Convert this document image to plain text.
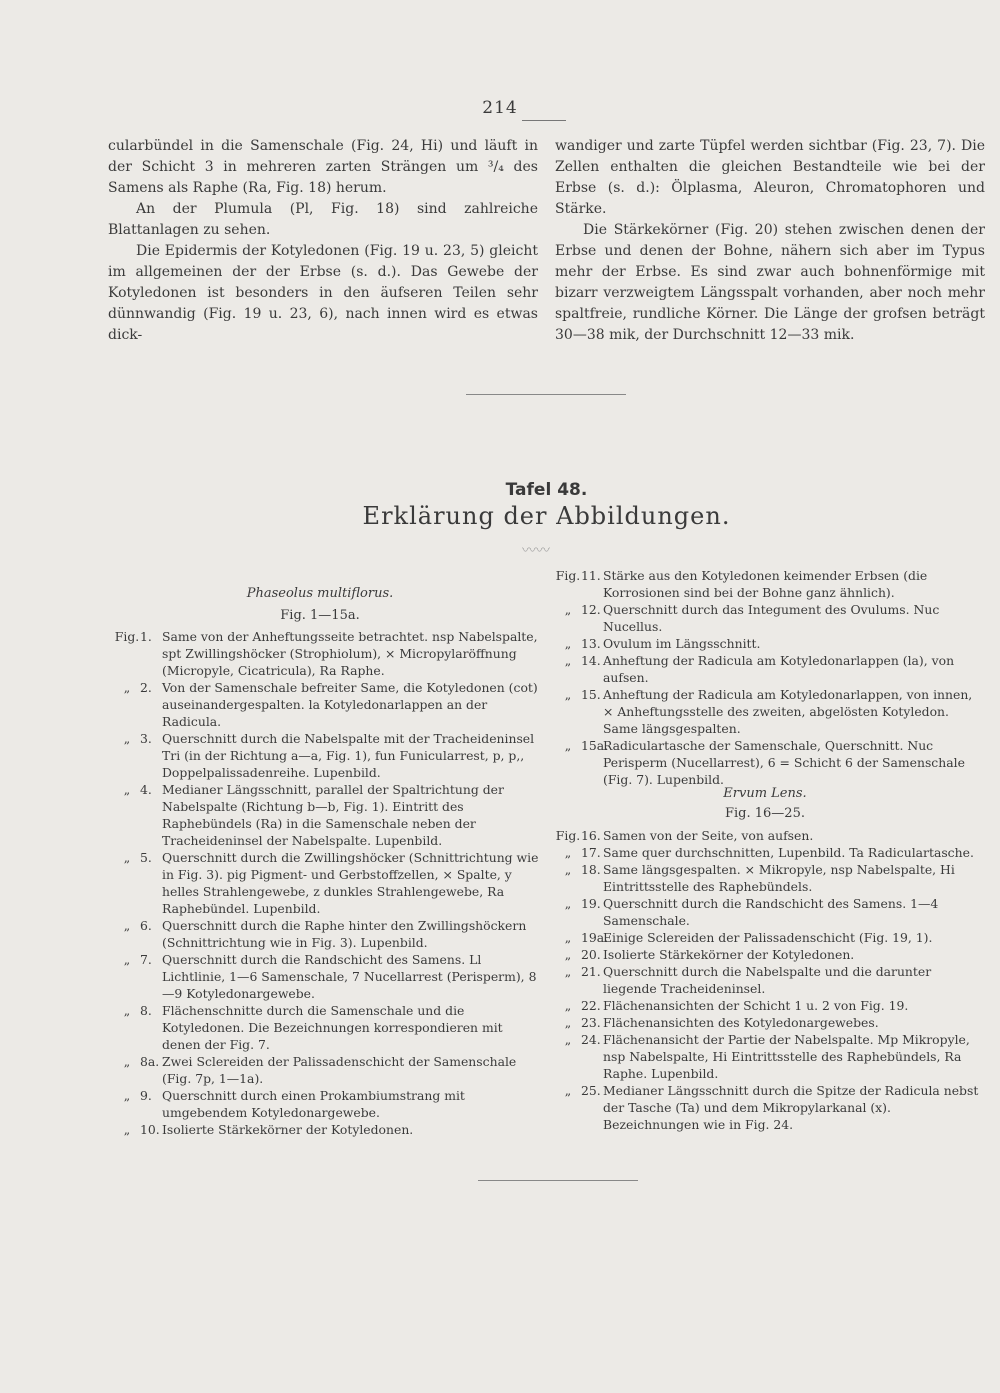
214

cularbündel in die Samenschale (Fig. 24, Hi) und läuft in der Schicht 3 in mehreren zarten Strängen um ³/₄ des Samens als Raphe (Ra, Fig. 18) herum.

An der Plumula (Pl, Fig. 18) sind zahlreiche Blattanlagen zu sehen.

Die Epidermis der Kotyledonen (Fig. 19 u. 23, 5) gleicht im allgemeinen der der Erbse (s. d.). Das Gewebe der Kotyledonen ist besonders in den äufseren Teilen sehr dünnwandig (Fig. 19 u. 23, 6), nach innen wird es etwas dick-

wandiger und zarte Tüpfel werden sichtbar (Fig. 23, 7). Die Zellen enthalten die gleichen Bestandteile wie bei der Erbse (s. d.): Ölplasma, Aleuron, Chromatophoren und Stärke.

Die Stärkekörner (Fig. 20) stehen zwischen denen der Erbse und denen der Bohne, nähern sich aber im Typus mehr der Erbse. Es sind zwar auch bohnenförmige mit bizarr verzweigtem Längsspalt vorhanden, aber noch mehr spaltfreie, rundliche Körner. Die Länge der grofsen beträgt 30—38 mik, der Durchschnitt 12—33 mik.

Tafel 48.
Erklärung der Abbildungen.
〰〰
Phaseolus multiflorus.
Fig. 1—15a.
Fig.1. Same von der Anheftungsseite betrachtet. nsp Nabelspalte, spt Zwillingshöcker (Strophiolum), × Micropylaröffnung (Micropyle, Cicatricula), Ra Raphe.
„ 2. Von der Samenschale befreiter Same, die Kotyledonen (cot) auseinandergespalten. la Kotyledonarlappen an der Radicula.
„ 3. Querschnitt durch die Nabelspalte mit der Tracheideninsel Tri (in der Richtung a—a, Fig. 1), fun Funicularrest, p, p,, Doppelpalissadenreihe. Lupenbild.
„ 4. Medianer Längsschnitt, parallel der Spaltrichtung der Nabelspalte (Richtung b—b, Fig. 1). Eintritt des Raphebündels (Ra) in die Samenschale neben der Tracheideninsel der Nabelspalte. Lupenbild.
„ 5. Querschnitt durch die Zwillingshöcker (Schnittrichtung wie in Fig. 3). pig Pigment- und Gerbstoffzellen, × Spalte, y helles Strahlengewebe, z dunkles Strahlengewebe, Ra Raphebündel. Lupenbild.
„ 6. Querschnitt durch die Raphe hinter den Zwillingshöckern (Schnittrichtung wie in Fig. 3). Lupenbild.
„ 7. Querschnitt durch die Randschicht des Samens. Ll Lichtlinie, 1—6 Samenschale, 7 Nucellarrest (Perisperm), 8—9 Kotyledonargewebe.
„ 8. Flächenschnitte durch die Samenschale und die Kotyledonen. Die Bezeichnungen korrespondieren mit denen der Fig. 7.
„ 8a. Zwei Sclereiden der Palissadenschicht der Samenschale (Fig. 7p, 1—1a).
„ 9. Querschnitt durch einen Prokambiumstrang mit umgebendem Kotyledonargewebe.
„ 10. Isolierte Stärkekörner der Kotyledonen.
Fig.11. Stärke aus den Kotyledonen keimender Erbsen (die Korrosionen sind bei der Bohne ganz ähnlich).
„ 12. Querschnitt durch das Integument des Ovulums. Nuc Nucellus.
„ 13. Ovulum im Längsschnitt.
„ 14. Anheftung der Radicula am Kotyledonarlappen (la), von aufsen.
„ 15. Anheftung der Radicula am Kotyledonarlappen, von innen, × Anheftungsstelle des zweiten, abgelösten Kotyledon. Same längsgespalten.
„ 15a.
Radiculartasche der Samenschale, Querschnitt. Nuc Perisperm (Nucellarrest), 6 = Schicht 6 der Samenschale (Fig. 7). Lupenbild.
Ervum Lens.
Fig. 16—25.
Fig.16. Samen von der Seite, von aufsen.
„ 17. Same quer durchschnitten, Lupenbild. Ta Radiculartasche.
„ 18. Same längsgespalten. × Mikropyle, nsp Nabelspalte, Hi Eintrittsstelle des Raphebündels.
„ 19. Querschnitt durch die Randschicht des Samens. 1—4 Samenschale.
„ 19a.
Einige Sclereiden der Palissadenschicht (Fig. 19, 1).
„ 20. Isolierte Stärkekörner der Kotyledonen.
„ 21. Querschnitt durch die Nabelspalte und die darunter liegende Tracheideninsel.
„ 22. Flächenansichten der Schicht 1 u. 2 von Fig. 19.
„ 23. Flächenansichten des Kotyledonargewebes.
„ 24. Flächenansicht der Partie der Nabelspalte. Mp Mikropyle, nsp Nabelspalte, Hi Eintrittsstelle des Raphebündels, Ra Raphe. Lupenbild.
„ 25. Medianer Längsschnitt durch die Spitze der Radicula nebst der Tasche (Ta) und dem Mikropylarkanal (x). Bezeichnungen wie in Fig. 24.
